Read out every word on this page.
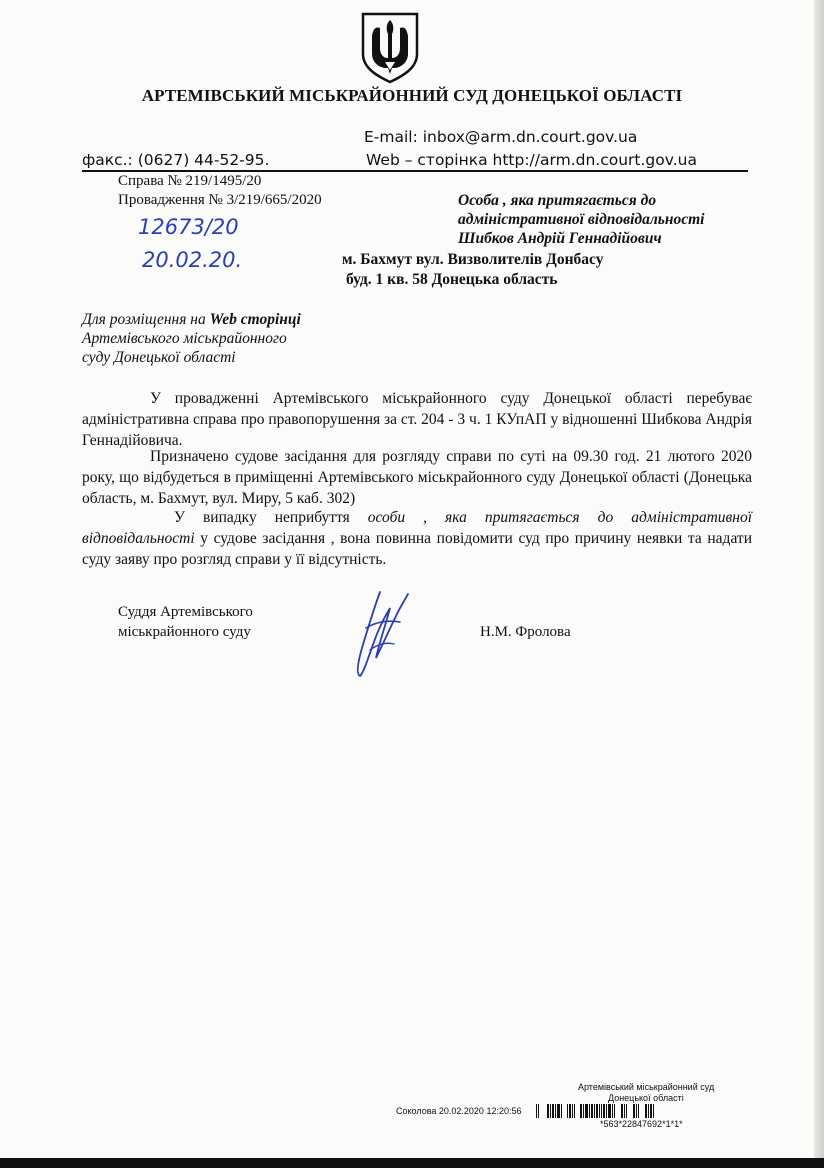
АРТЕМІВСЬКИЙ МІСЬКРАЙОННИЙ СУД ДОНЕЦЬКОЇ ОБЛАСТІ
E-mail: inbox@arm.dn.court.gov.ua
факс.: (0627) 44-52-95.	Web – сторінка http://arm.dn.court.gov.ua
Справа № 219/1495/20
Провадження № 3/219/665/2020
12673/20
20.02.20.
Особа , яка притягається до
адміністративної відповідальності
Шибков Андрій Геннадійович
м. Бахмут вул. Визволителів Донбасу
буд. 1 кв. 58 Донецька область
Для розміщення на Web сторінці
Артемівського міськрайонного
суду Донецької області

У провадженні Артемівського міськрайонного суду Донецької області перебуває адміністративна справа про правопорушення за ст. 204 - 3 ч. 1 КУпАП у відношенні Шибкова Андрія Геннадійовича.

Призначено судове засідання для розгляду справи по суті на 09.30 год. 21 лютого 2020 року, що відбудеться в приміщенні Артемівського міськрайонного суду Донецької області (Донецька область, м. Бахмут, вул. Миру, 5 каб. 302)

У випадку неприбуття особи , яка притягається до адміністративної відповідальності у судове засідання , вона повинна повідомити суд про причину неявки та надати суду заяву про розгляд справи у її відсутність.

Суддя Артемівського
міськрайонного суду	Н.М. Фролова
Артемівський міськрайонний суд
Донецької області
Соколова 20.02.2020 12:20:56
*563*22847692*1*1*
